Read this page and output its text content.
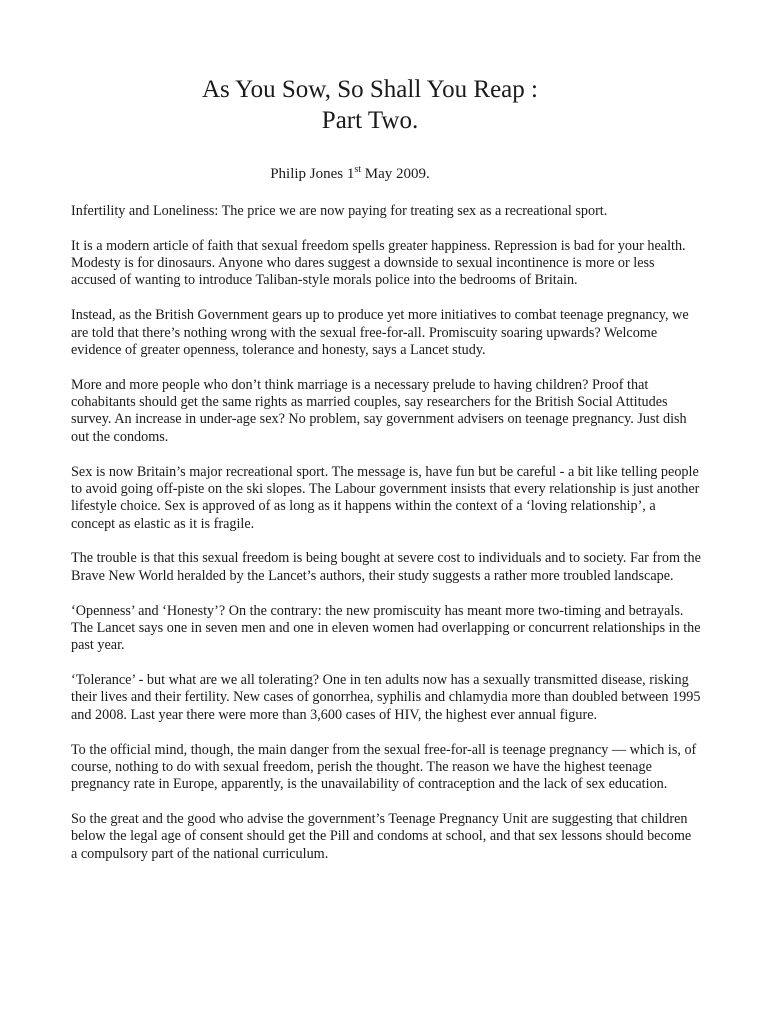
As You Sow, So Shall You Reap :
Part Two.
Philip Jones 1st May 2009.

Infertility and Loneliness: The price we are now paying for treating sex as a recreational sport.

It is a modern article of faith that sexual freedom spells greater happiness. Repression is bad for your health. Modesty is for dinosaurs. Anyone who dares suggest a downside to sexual incontinence is more or less accused of wanting to introduce Taliban-style morals police into the bedrooms of Britain.

Instead, as the British Government gears up to produce yet more initiatives to combat teenage pregnancy, we are told that there’s nothing wrong with the sexual free-for-all. Promiscuity soaring upwards? Welcome evidence of greater openness, tolerance and honesty, says a Lancet study.

More and more people who don’t think marriage is a necessary prelude to having children? Proof that cohabitants should get the same rights as married couples, say researchers for the British Social Attitudes survey. An increase in under-age sex? No problem, say government advisers on teenage pregnancy. Just dish out the condoms.

Sex is now Britain’s major recreational sport. The message is, have fun but be careful - a bit like telling people to avoid going off-piste on the ski slopes. The Labour government insists that every relationship is just another lifestyle choice. Sex is approved of as long as it happens within the context of a ‘loving relationship’, a concept as elastic as it is fragile.

The trouble is that this sexual freedom is being bought at severe cost to individuals and to society. Far from the Brave New World heralded by the Lancet’s authors, their study suggests a rather more troubled landscape.

‘Openness’ and ‘Honesty’? On the contrary: the new promiscuity has meant more two-timing and betrayals. The Lancet says one in seven men and one in eleven women had overlapping or concurrent relationships in the past year.

‘Tolerance’ - but what are we all tolerating? One in ten adults now has a sexually transmitted disease, risking their lives and their fertility. New cases of gonorrhea, syphilis and chlamydia more than doubled between 1995 and 2008. Last year there were more than 3,600 cases of HIV, the highest ever annual figure.

To the official mind, though, the main danger from the sexual free-for-all is teenage pregnancy — which is, of course, nothing to do with sexual freedom, perish the thought. The reason we have the highest teenage pregnancy rate in Europe, apparently, is the unavailability of contraception and the lack of sex education.

So the great and the good who advise the government’s Teenage Pregnancy Unit are suggesting that children below the legal age of consent should get the Pill and condoms at school, and that sex lessons should become a compulsory part of the national curriculum.
